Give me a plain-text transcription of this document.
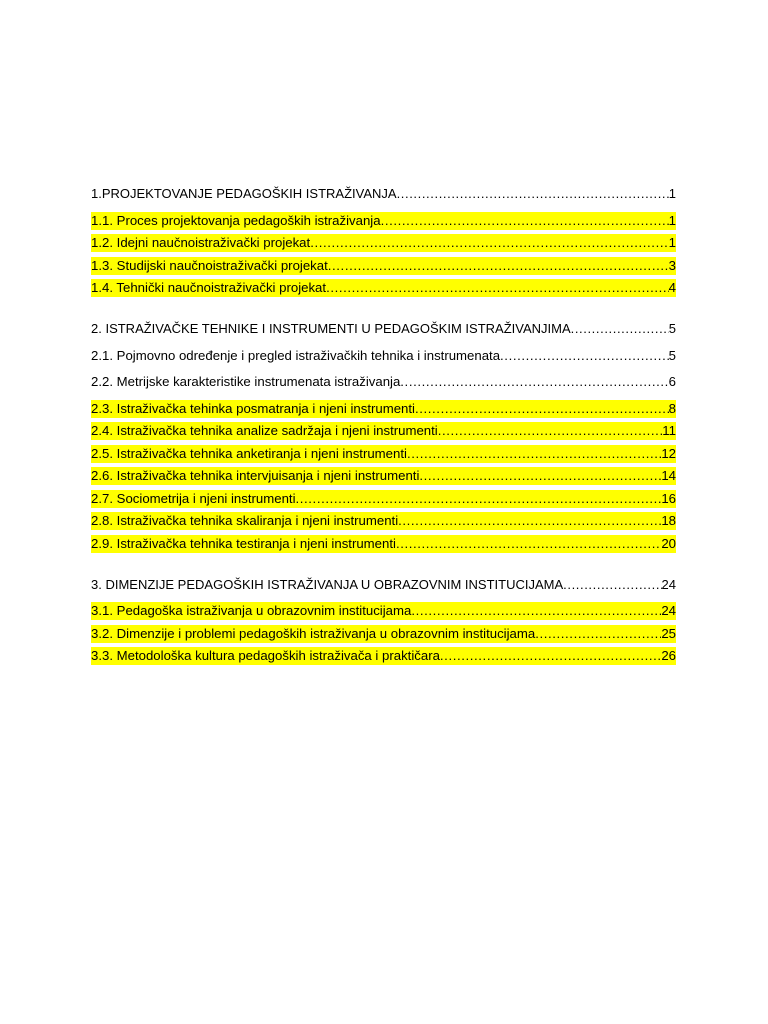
1.PROJEKTOVANJE PEDAGOŠKIH ISTRAŽIVANJA .....	1
1.1. Proces projektovanja pedagoških istraživanja .....	1
1.2. Idejni naučnoistraživački projekat .....	1
1.3. Studijski naučnoistraživački projekat .....	3
1.4. Tehnički naučnoistraživački projekat .....	4
2. ISTRAŽIVAČKE TEHNIKE I INSTRUMENTI U PEDAGOŠKIM ISTRAŽIVANJIMA .....	5
2.1. Pojmovno određenje i pregled istraživačkih tehnika i instrumenata .....	5
2.2. Metrijske karakteristike instrumenata istraživanja .....	6
2.3. Istraživačka tehinka posmatranja i njeni instrumenti .....	8
2.4. Istraživačka tehnika analize sadržaja i njeni instrumenti .....	11
2.5. Istraživačka tehnika anketiranja i njeni instrumenti .....	12
2.6. Istraživačka tehnika intervjuisanja i njeni instrumenti .....	14
2.7. Sociometrija i njeni instrumenti .....	16
2.8. Istraživačka tehnika skaliranja i njeni instrumenti .....	18
2.9. Istraživačka tehnika testiranja i njeni instrumenti .....	20
3. DIMENZIJE PEDAGOŠKIH ISTRAŽIVANJA U OBRAZOVNIM INSTITUCIJAMA .....	24
3.1. Pedagoška istraživanja u obrazovnim institucijama .....	24
3.2. Dimenzije i problemi pedagoških istraživanja u obrazovnim institucijama .....	25
3.3. Metodološka kultura pedagoških istraživača i praktičara .....	26
